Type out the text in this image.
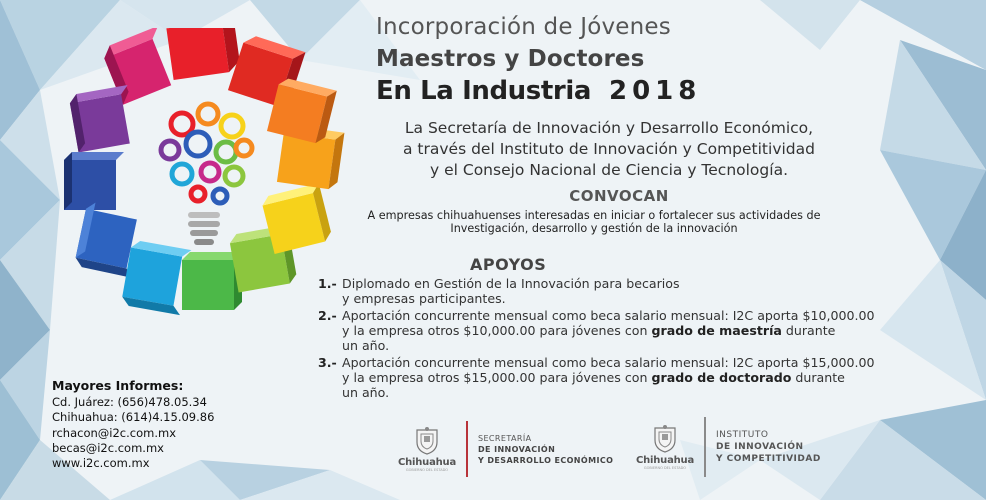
Incorporación de Jóvenes
Maestros y Doctores
En La Industria 2018
La Secretaría de Innovación y Desarrollo Económico,
a través del Instituto de Innovación y Competitividad
y el Consejo Nacional de Ciencia y Tecnología.
CONVOCAN
A empresas chihuahuenses interesadas en iniciar o fortalecer sus actividades de
Investigación, desarrollo y gestión de la innovación
APOYOS
1.- Diplomado en Gestión de la Innovación para becarios
y empresas participantes.
2.- Aportación concurrente mensual como beca salario mensual: I2C aporta $10,000.00
y la empresa otros $10,000.00 para jóvenes con grado de maestría durante
un año.
3.- Aportación concurrente mensual como beca salario mensual: I2C aporta $15,000.00
y la empresa otros $15,000.00 para jóvenes con grado de doctorado durante
un año.
Mayores Informes:
Cd. Juárez: (656)478.05.34
Chihuahua: (614)4.15.09.86
rchacon@i2c.com.mx
becas@i2c.com.mx
www.i2c.com.mx	Chihuahua
GOBIERNO DEL ESTADO
SECRETARÍA
DE INNOVACIÓN
Y DESARROLLO ECONÓMICO Chihuahua
GOBIERNO DEL ESTADO
INSTITUTO
DE INNOVACIÓN
Y COMPETITIVIDAD
